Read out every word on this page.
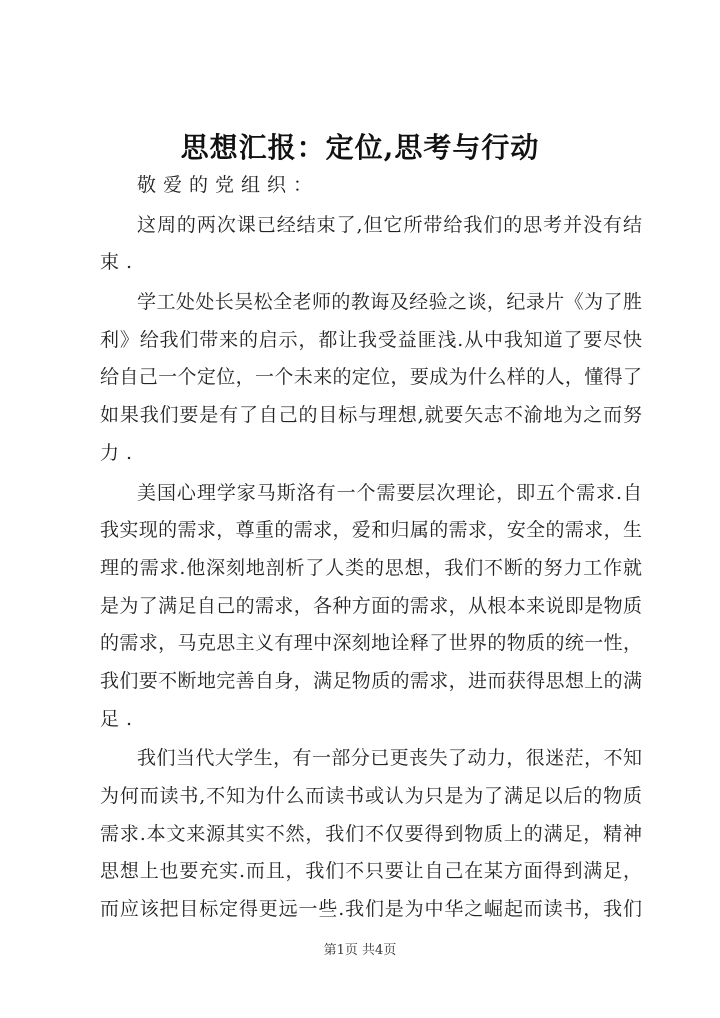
思想汇报：定位,思考与行动
敬爱的党组织：
这周的两次课已经结束了,但它所带给我们的思考并没有结
束.
学工处处长吴松全老师的教诲及经验之谈，纪录片《为了胜
利》给我们带来的启示，都让我受益匪浅.从中我知道了要尽快
给自己一个定位，一个未来的定位，要成为什么样的人，懂得了
如果我们要是有了自己的目标与理想,就要矢志不渝地为之而努
力.
美国心理学家马斯洛有一个需要层次理论，即五个需求.自
我实现的需求，尊重的需求，爱和归属的需求，安全的需求，生
理的需求.他深刻地剖析了人类的思想，我们不断的努力工作就
是为了满足自己的需求，各种方面的需求，从根本来说即是物质
的需求，马克思主义有理中深刻地诠释了世界的物质的统一性，
我们要不断地完善自身，满足物质的需求，进而获得思想上的满
足.
我们当代大学生，有一部分已更丧失了动力，很迷茫，不知
为何而读书,不知为什么而读书或认为只是为了满足以后的物质
需求.本文来源其实不然，我们不仅要得到物质上的满足，精神
思想上也要充实.而且，我们不只要让自己在某方面得到满足，
而应该把目标定得更远一些.我们是为中华之崛起而读书，我们
第1页 共4页
